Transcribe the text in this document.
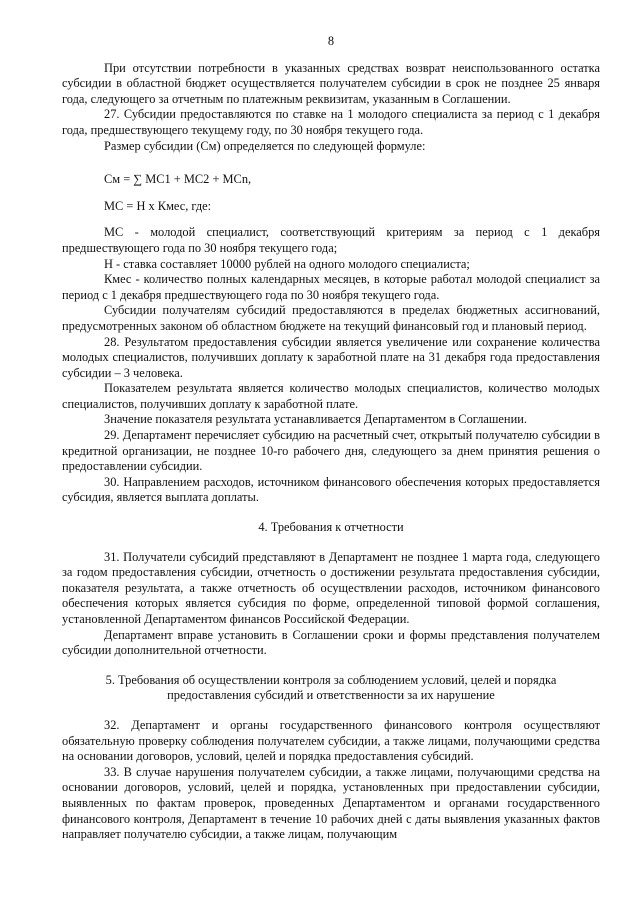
8

При отсутствии потребности в указанных средствах возврат неиспользованного остатка субсидии в областной бюджет осуществляется получателем субсидии в срок не позднее 25 января года, следующего за отчетным по платежным реквизитам, указанным в Соглашении.

27. Субсидии предоставляются по ставке на 1 молодого специалиста за период с 1 декабря года, предшествующего текущему году, по 30 ноября текущего года.

Размер субсидии (См) определяется по следующей формуле:

См = ∑ МС1 + МС2 + МСn,

МС = Н х Кмес, где:

МС - молодой специалист, соответствующий критериям за период с 1 декабря предшествующего года по 30 ноября текущего года;

Н - ставка составляет 10000 рублей на одного молодого специалиста;

Кмес - количество полных календарных месяцев, в которые работал молодой специалист за период с 1 декабря предшествующего года по 30 ноября текущего года.

Субсидии получателям субсидий предоставляются в пределах бюджетных ассигнований, предусмотренных законом об областном бюджете на текущий финансовый год и плановый период.

28. Результатом предоставления субсидии является увеличение или сохранение количества молодых специалистов, получивших доплату к заработной плате на 31 декабря года предоставления субсидии – 3 человека.

Показателем результата является количество молодых специалистов, количество молодых специалистов, получивших доплату к заработной плате.

Значение показателя результата устанавливается Департаментом в Соглашении.

29. Департамент перечисляет субсидию на расчетный счет, открытый получателю субсидии в кредитной организации, не позднее 10-го рабочего дня, следующего за днем принятия решения о предоставлении субсидии.

30. Направлением расходов, источником финансового обеспечения которых предоставляется субсидия, является выплата доплаты.

4. Требования к отчетности

31. Получатели субсидий представляют в Департамент не позднее 1 марта года, следующего за годом предоставления субсидии, отчетность о достижении результата предоставления субсидии, показателя результата, а также отчетность об осуществлении расходов, источником финансового обеспечения которых является субсидия по форме, определенной типовой формой соглашения, установленной Департаментом финансов Российской Федерации.

Департамент вправе установить в Соглашении сроки и формы представления получателем субсидии дополнительной отчетности.

5. Требования об осуществлении контроля за соблюдением условий, целей и порядка

предоставления субсидий и ответственности за их нарушение

32. Департамент и органы государственного финансового контроля осуществляют обязательную проверку соблюдения получателем субсидии, а также лицами, получающими средства на основании договоров, условий, целей и порядка предоставления субсидий.

33. В случае нарушения получателем субсидии, а также лицами, получающими средства на основании договоров, условий, целей и порядка, установленных при предоставлении субсидии, выявленных по фактам проверок, проведенных Департаментом и органами государственного финансового контроля, Департамент в течение 10 рабочих дней с даты выявления указанных фактов направляет получателю субсидии, а также лицам, получающим
